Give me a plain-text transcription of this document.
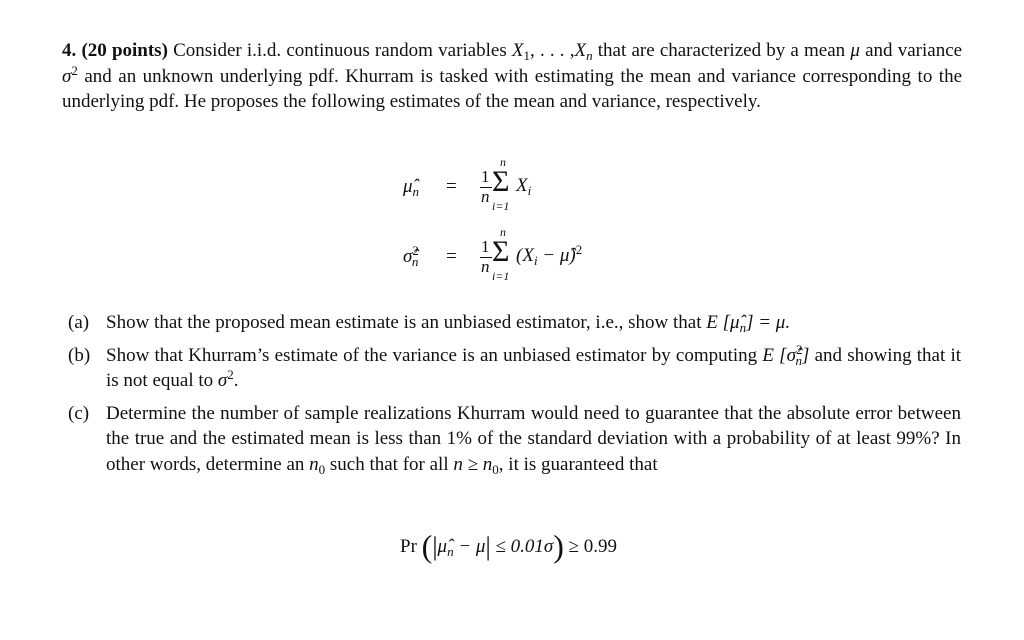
4. (20 points) Consider i.i.d. continuous random variables $X_1$, . . . $,X_n$ that are characterized by a mean μ and variance $\sigma^2$ and an unknown underlying pdf. Khurram is tasked with estimating the mean and variance corresponding to the underlying pdf. He proposes the following estimates of the mean and variance, respectively.
$\mû_n = \frac{1}{n}$
n
Σ
i=1
$X_i$
σ̂$^2_n$ = $\frac{1}{n}$
n
Σ
i=1
($X_i$ − μ̂)$^2$
(a) Show that the proposed mean estimate is an unbiased estimator, i.e., show that E $[\mû_n] = \mu$.
(b) Show that Khurram’s estimate of the variance is an unbiased estimator by computing E [σ̂$^2_n$] and showing that it is not equal to $\sigma^2$.
(c) Determine the number of sample realizations Khurram would need to guarantee that the absolute error between the true and the estimated mean is less than 1% of the standard deviation with a probability of at least 99%? In other words, determine an $n_0$ such that for all $n \ge n_0$, it is guaranteed that
Pr $(|\mû_n - \mu| \le 0.01\sigma) \ge 0.99$
